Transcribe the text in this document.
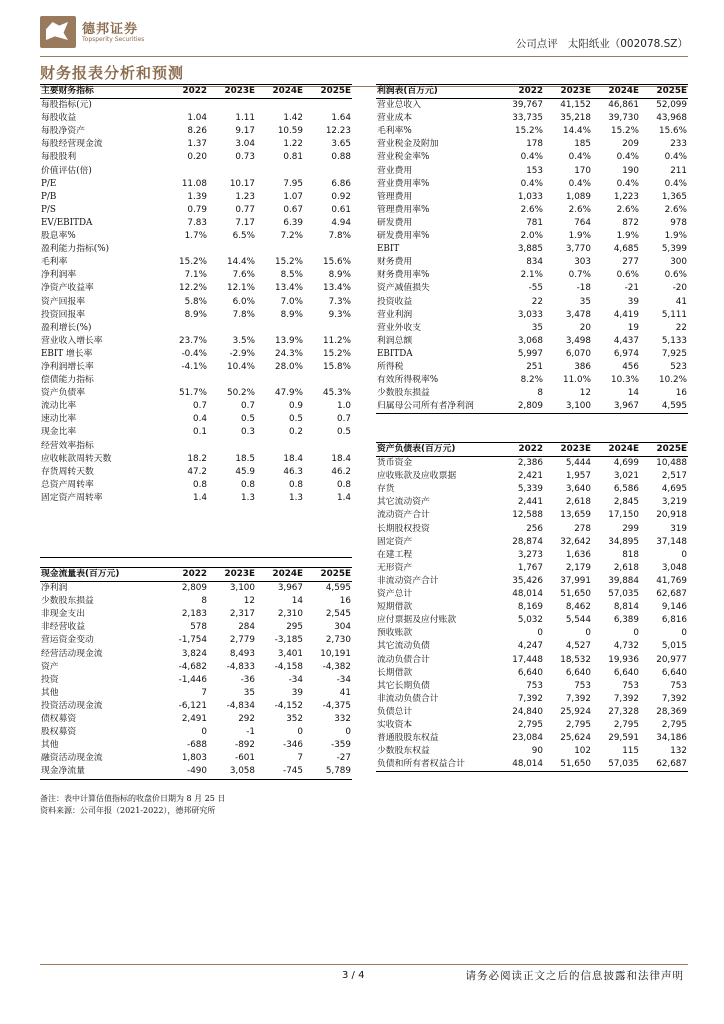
德邦证券
Topsperity Securities	公司点评 太阳纸业（002078.SZ）
财务报表分析和预测
主要财务指标	2022	2023E	2024E	2025E
每股指标(元)				
每股收益	1.04	1.11	1.42	1.64
每股净资产	8.26	9.17	10.59	12.23
每股经营现金流	1.37	3.04	1.22	3.65
每股股利	0.20	0.73	0.81	0.88
价值评估(倍)				
P/E	11.08	10.17	7.95	6.86
P/B	1.39	1.23	1.07	0.92
P/S	0.79	0.77	0.67	0.61
EV/EBITDA	7.83	7.17	6.39	4.94
股息率%	1.7%	6.5%	7.2%	7.8%
盈利能力指标(%)				
毛利率	15.2%	14.4%	15.2%	15.6%
净利润率	7.1%	7.6%	8.5%	8.9%
净资产收益率	12.2%	12.1%	13.4%	13.4%
资产回报率	5.8%	6.0%	7.0%	7.3%
投资回报率	8.9%	7.8%	8.9%	9.3%
盈利增长(%)				
营业收入增长率	23.7%	3.5%	13.9%	11.2%
EBIT 增长率	-0.4%	-2.9%	24.3%	15.2%
净利润增长率	-4.1%	10.4%	28.0%	15.8%
偿债能力指标				
资产负债率	51.7%	50.2%	47.9%	45.3%
流动比率	0.7	0.7	0.9	1.0
速动比率	0.4	0.5	0.5	0.7
现金比率	0.1	0.3	0.2	0.5
经营效率指标				
应收帐款周转天数	18.2	18.5	18.4	18.4
存货周转天数	47.2	45.9	46.3	46.2
总资产周转率	0.8	0.8	0.8	0.8
固定资产周转率	1.4	1.3	1.3	1.4

现金流量表(百万元)	2022	2023E	2024E	2025E
净利润	2,809	3,100	3,967	4,595
少数股东损益	8	12	14	16
非现金支出	2,183	2,317	2,310	2,545
非经营收益	578	284	295	304
营运资金变动	-1,754	2,779	-3,185	2,730
经营活动现金流	3,824	8,493	3,401	10,191
资产	-4,682	-4,833	-4,158	-4,382
投资	-1,446	-36	-34	-34
其他	7	35	39	41
投资活动现金流	-6,121	-4,834	-4,152	-4,375
债权募资	2,491	292	352	332
股权募资	0	-1	0	0
其他	-688	-892	-346	-359
融资活动现金流	1,803	-601	7	-27
现金净流量	-490	3,058	-745	5,789
利润表(百万元)	2022	2023E	2024E	2025E
营业总收入	39,767	41,152	46,861	52,099
营业成本	33,735	35,218	39,730	43,968
毛利率%	15.2%	14.4%	15.2%	15.6%
营业税金及附加	178	185	209	233
营业税金率%	0.4%	0.4%	0.4%	0.4%
营业费用	153	170	190	211
营业费用率%	0.4%	0.4%	0.4%	0.4%
管理费用	1,033	1,089	1,223	1,365
管理费用率%	2.6%	2.6%	2.6%	2.6%
研发费用	781	764	872	978
研发费用率%	2.0%	1.9%	1.9%	1.9%
EBIT	3,885	3,770	4,685	5,399
财务费用	834	303	277	300
财务费用率%	2.1%	0.7%	0.6%	0.6%
资产减值损失	-55	-18	-21	-20
投资收益	22	35	39	41
营业利润	3,033	3,478	4,419	5,111
营业外收支	35	20	19	22
利润总额	3,068	3,498	4,437	5,133
EBITDA	5,997	6,070	6,974	7,925
所得税	251	386	456	523
有效所得税率%	8.2%	11.0%	10.3%	10.2%
少数股东损益	8	12	14	16
归属母公司所有者净利润	2,809	3,100	3,967	4,595
资产负债表(百万元)	2022	2023E	2024E	2025E
货币资金	2,386	5,444	4,699	10,488
应收账款及应收票据	2,421	1,957	3,021	2,517
存货	5,339	3,640	6,586	4,695
其它流动资产	2,441	2,618	2,845	3,219
流动资产合计	12,588	13,659	17,150	20,918
长期股权投资	256	278	299	319
固定资产	28,874	32,642	34,895	37,148
在建工程	3,273	1,636	818	0
无形资产	1,767	2,179	2,618	3,048
非流动资产合计	35,426	37,991	39,884	41,769
资产总计	48,014	51,650	57,035	62,687
短期借款	8,169	8,462	8,814	9,146
应付票据及应付账款	5,032	5,544	6,389	6,816
预收账款	0	0	0	0
其它流动负债	4,247	4,527	4,732	5,015
流动负债合计	17,448	18,532	19,936	20,977
长期借款	6,640	6,640	6,640	6,640
其它长期负债	753	753	753	753
非流动负债合计	7,392	7,392	7,392	7,392
负债总计	24,840	25,924	27,328	28,369
实收资本	2,795	2,795	2,795	2,795
普通股股东权益	23,084	25,624	29,591	34,186
少数股东权益	90	102	115	132
负债和所有者权益合计	48,014	51,650	57,035	62,687
备注：表中计算估值指标的收盘价日期为 8 月 25 日
资料来源：公司年报（2021-2022），德邦研究所
3 / 4	请务必阅读正文之后的信息披露和法律声明
